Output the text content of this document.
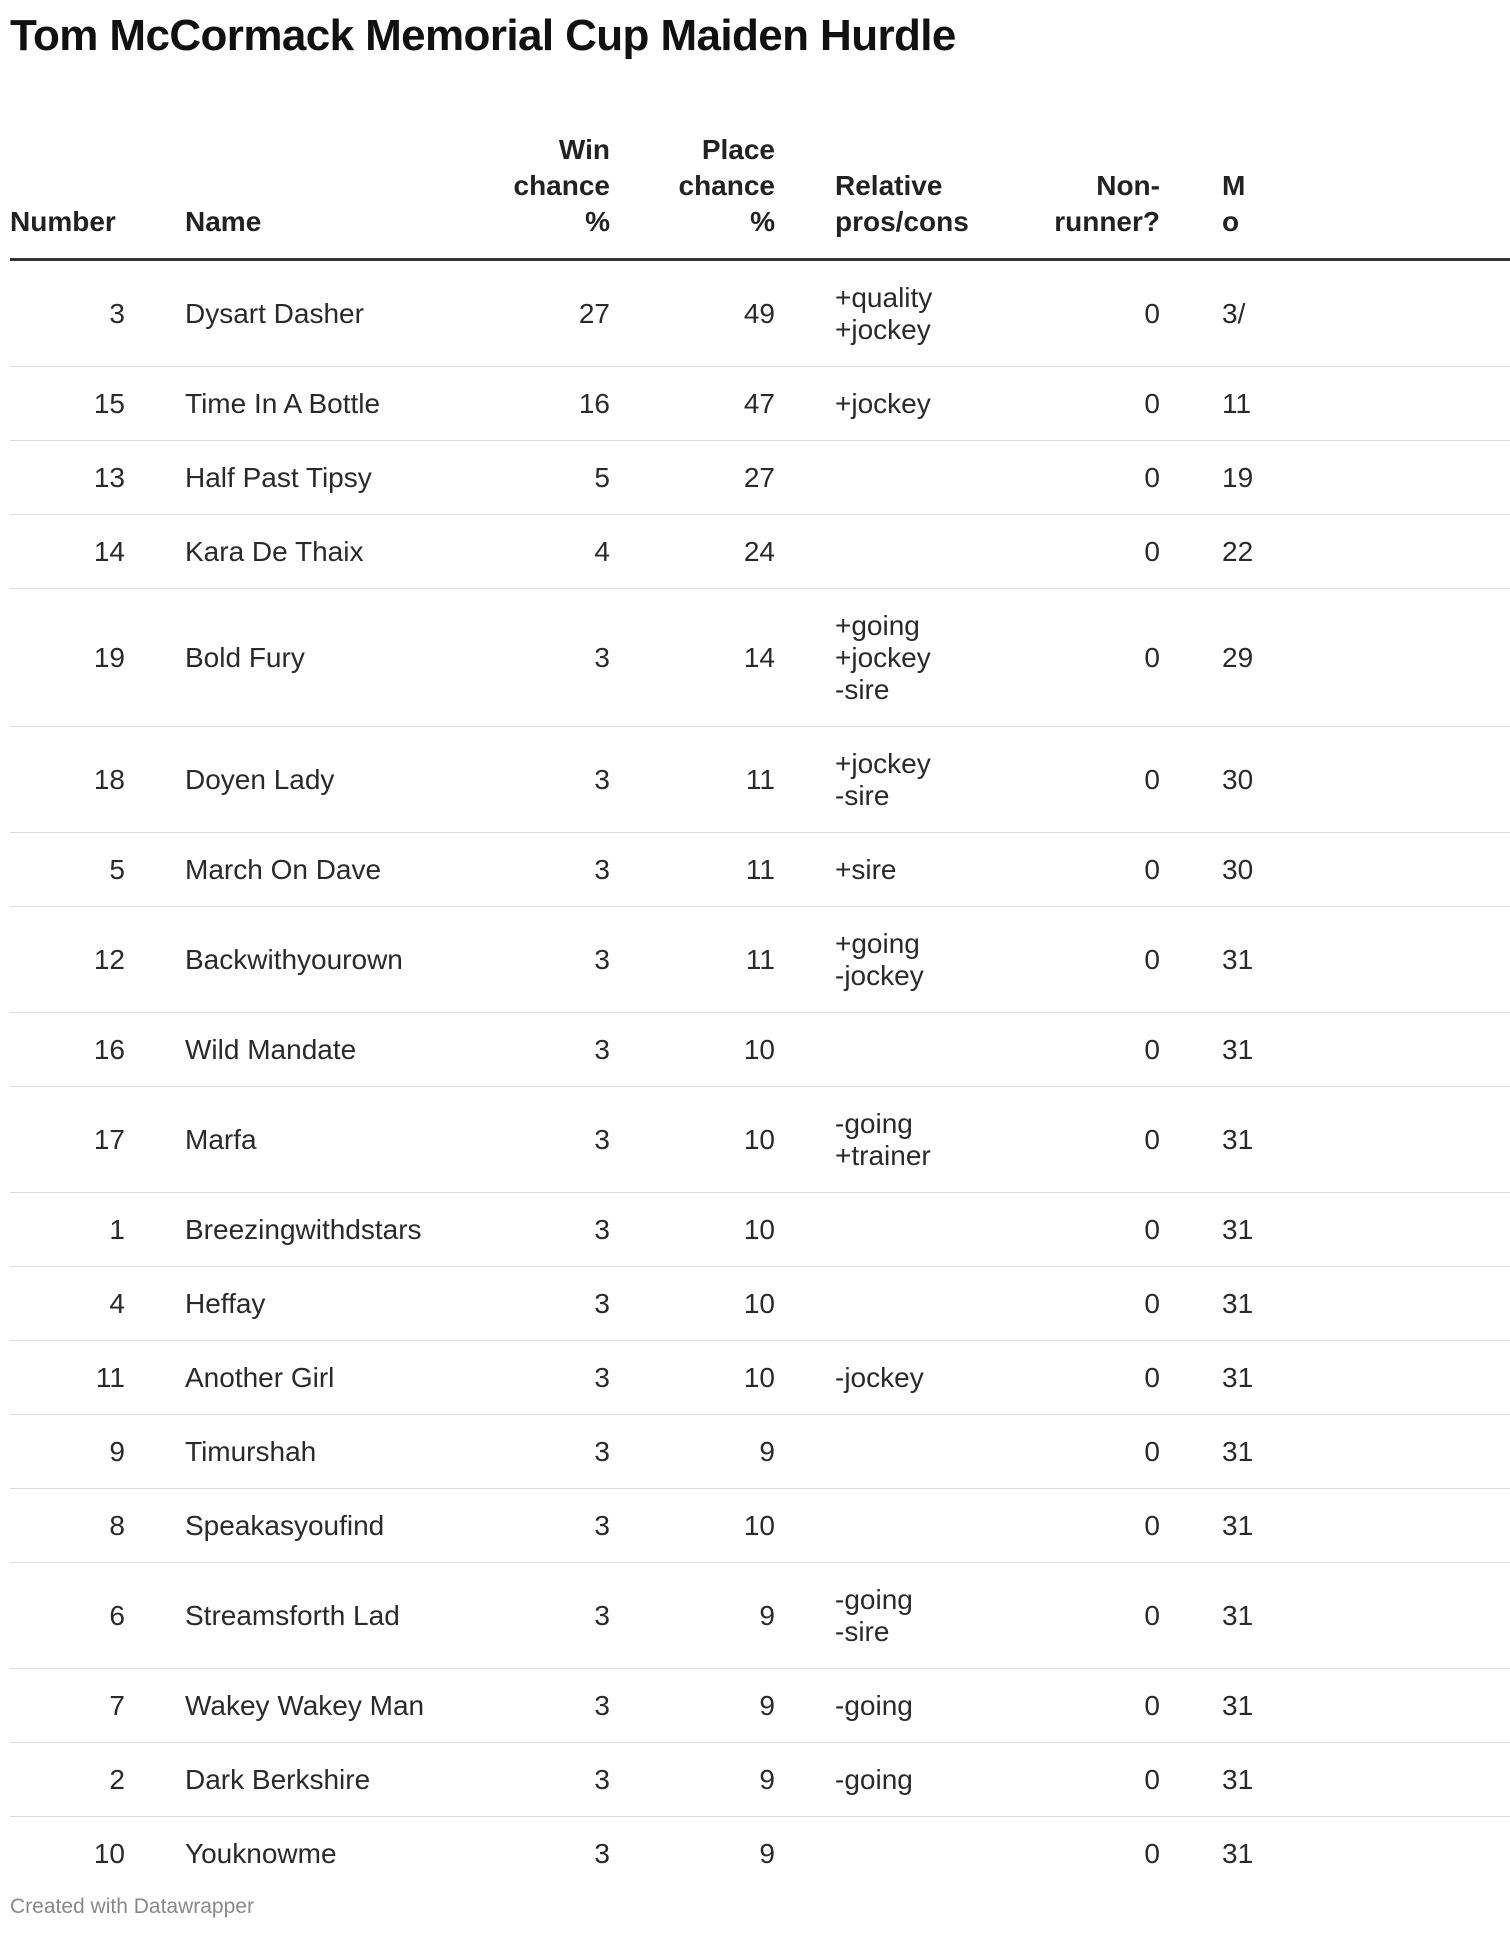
Tom McCormack Memorial Cup Maiden Hurdle
Number		Name	Win
chance
%	Place
chance
%	Relative
pros/cons	Non-
runner?	M
o
3		Dysart Dasher	27	49	+quality
+jockey	0	3/
15		Time In A Bottle	16	47	+jockey	0	11
13		Half Past Tipsy	5	27		0	19
14		Kara De Thaix	4	24		0	22
19		Bold Fury	3	14	+going
+jockey
-sire	0	29
18		Doyen Lady	3	11	+jockey
-sire	0	30
5		March On Dave	3	11	+sire	0	30
12		Backwithyourown	3	11	+going
-jockey	0	31
16		Wild Mandate	3	10		0	31
17		Marfa	3	10	-going
+trainer	0	31
1		Breezingwithdstars	3	10		0	31
4		Heffay	3	10		0	31
11		Another Girl	3	10	-jockey	0	31
9		Timurshah	3	9		0	31
8		Speakasyoufind	3	10		0	31
6		Streamsforth Lad	3	9	-going
-sire	0	31
7		Wakey Wakey Man	3	9	-going	0	31
2		Dark Berkshire	3	9	-going	0	31
10		Youknowme	3	9		0	31
Created with Datawrapper
